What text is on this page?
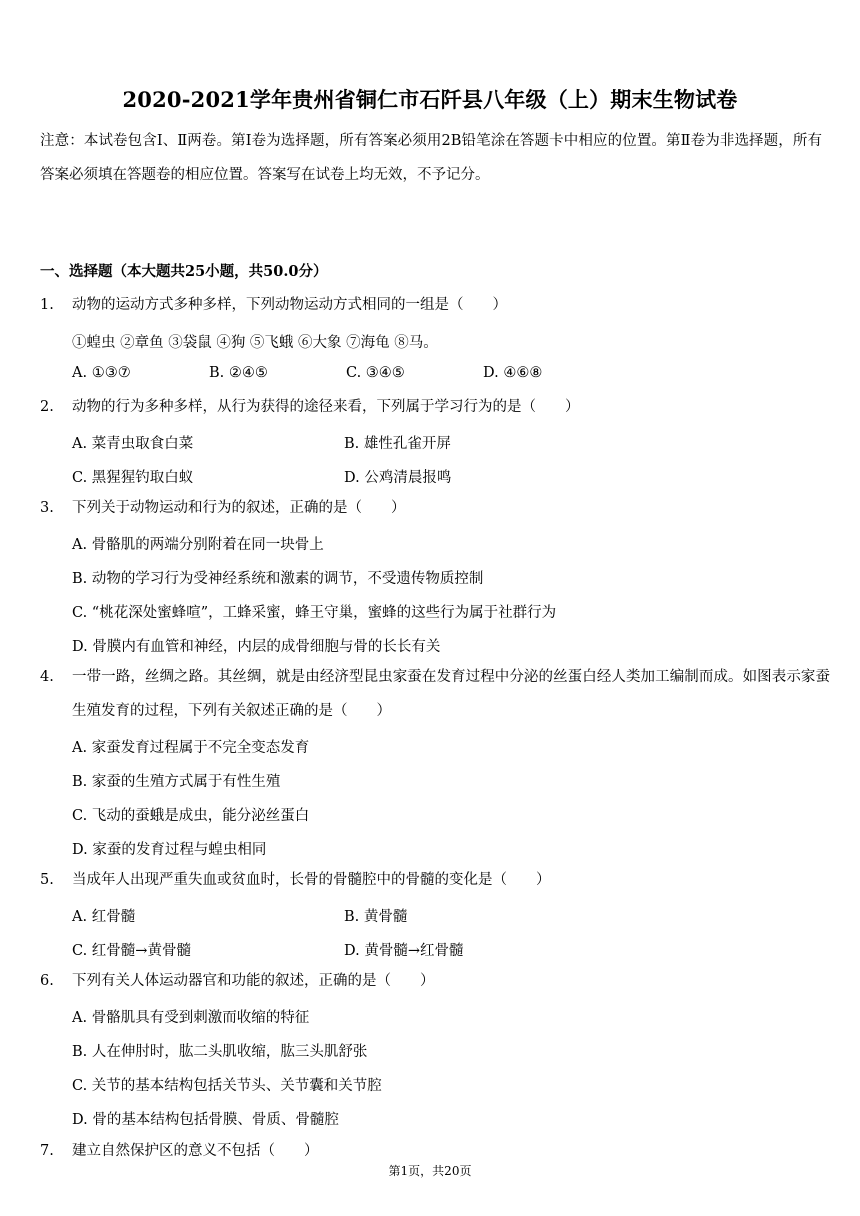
2020-2021学年贵州省铜仁市石阡县八年级（上）期末生物试卷
注意：本试卷包含Ⅰ、Ⅱ两卷。第Ⅰ卷为选择题，所有答案必须用2B铅笔涂在答题卡中相应的位置。第Ⅱ卷为非选择题，所有答案必须填在答题卷的相应位置。答案写在试卷上均无效，不予记分。
一、选择题（本大题共25小题，共50.0分）
1. 动物的运动方式多种多样，下列动物运动方式相同的一组是（　　）
①蝗虫 ②章鱼 ③袋鼠 ④狗 ⑤飞蛾 ⑥大象 ⑦海龟 ⑧马。
A. ①③⑦	B. ②④⑤	C. ③④⑤	D. ④⑥⑧
2. 动物的行为多种多样，从行为获得的途径来看，下列属于学习行为的是（　　）
A. 菜青虫取食白菜	B. 雄性孔雀开屏
C. 黑猩猩钓取白蚁	D. 公鸡清晨报鸣
3. 下列关于动物运动和行为的叙述，正确的是（　　）
A. 骨骼肌的两端分别附着在同一块骨上
B. 动物的学习行为受神经系统和激素的调节，不受遗传物质控制
C. “桃花深处蜜蜂喧”，工蜂采蜜，蜂王守巢，蜜蜂的这些行为属于社群行为
D. 骨膜内有血管和神经，内层的成骨细胞与骨的长长有关
4. 一带一路，丝绸之路。其丝绸，就是由经济型昆虫家蚕在发育过程中分泌的丝蛋白经人类加工编制而成。如图表示家蚕生殖发育的过程，下列有关叙述正确的是（　　）
A. 家蚕发育过程属于不完全变态发育
B. 家蚕的生殖方式属于有性生殖
C. 飞动的蚕蛾是成虫，能分泌丝蛋白
D. 家蚕的发育过程与蝗虫相同
5. 当成年人出现严重失血或贫血时，长骨的骨髓腔中的骨髓的变化是（　　）
A. 红骨髓	B. 黄骨髓
C. 红骨髓→黄骨髓	D. 黄骨髓→红骨髓
6. 下列有关人体运动器官和功能的叙述，正确的是（　　）
A. 骨骼肌具有受到刺激而收缩的特征
B. 人在伸肘时，肱二头肌收缩，肱三头肌舒张
C. 关节的基本结构包括关节头、关节囊和关节腔
D. 骨的基本结构包括骨膜、骨质、骨髓腔
7. 建立自然保护区的意义不包括（　　）
第1页，共20页
